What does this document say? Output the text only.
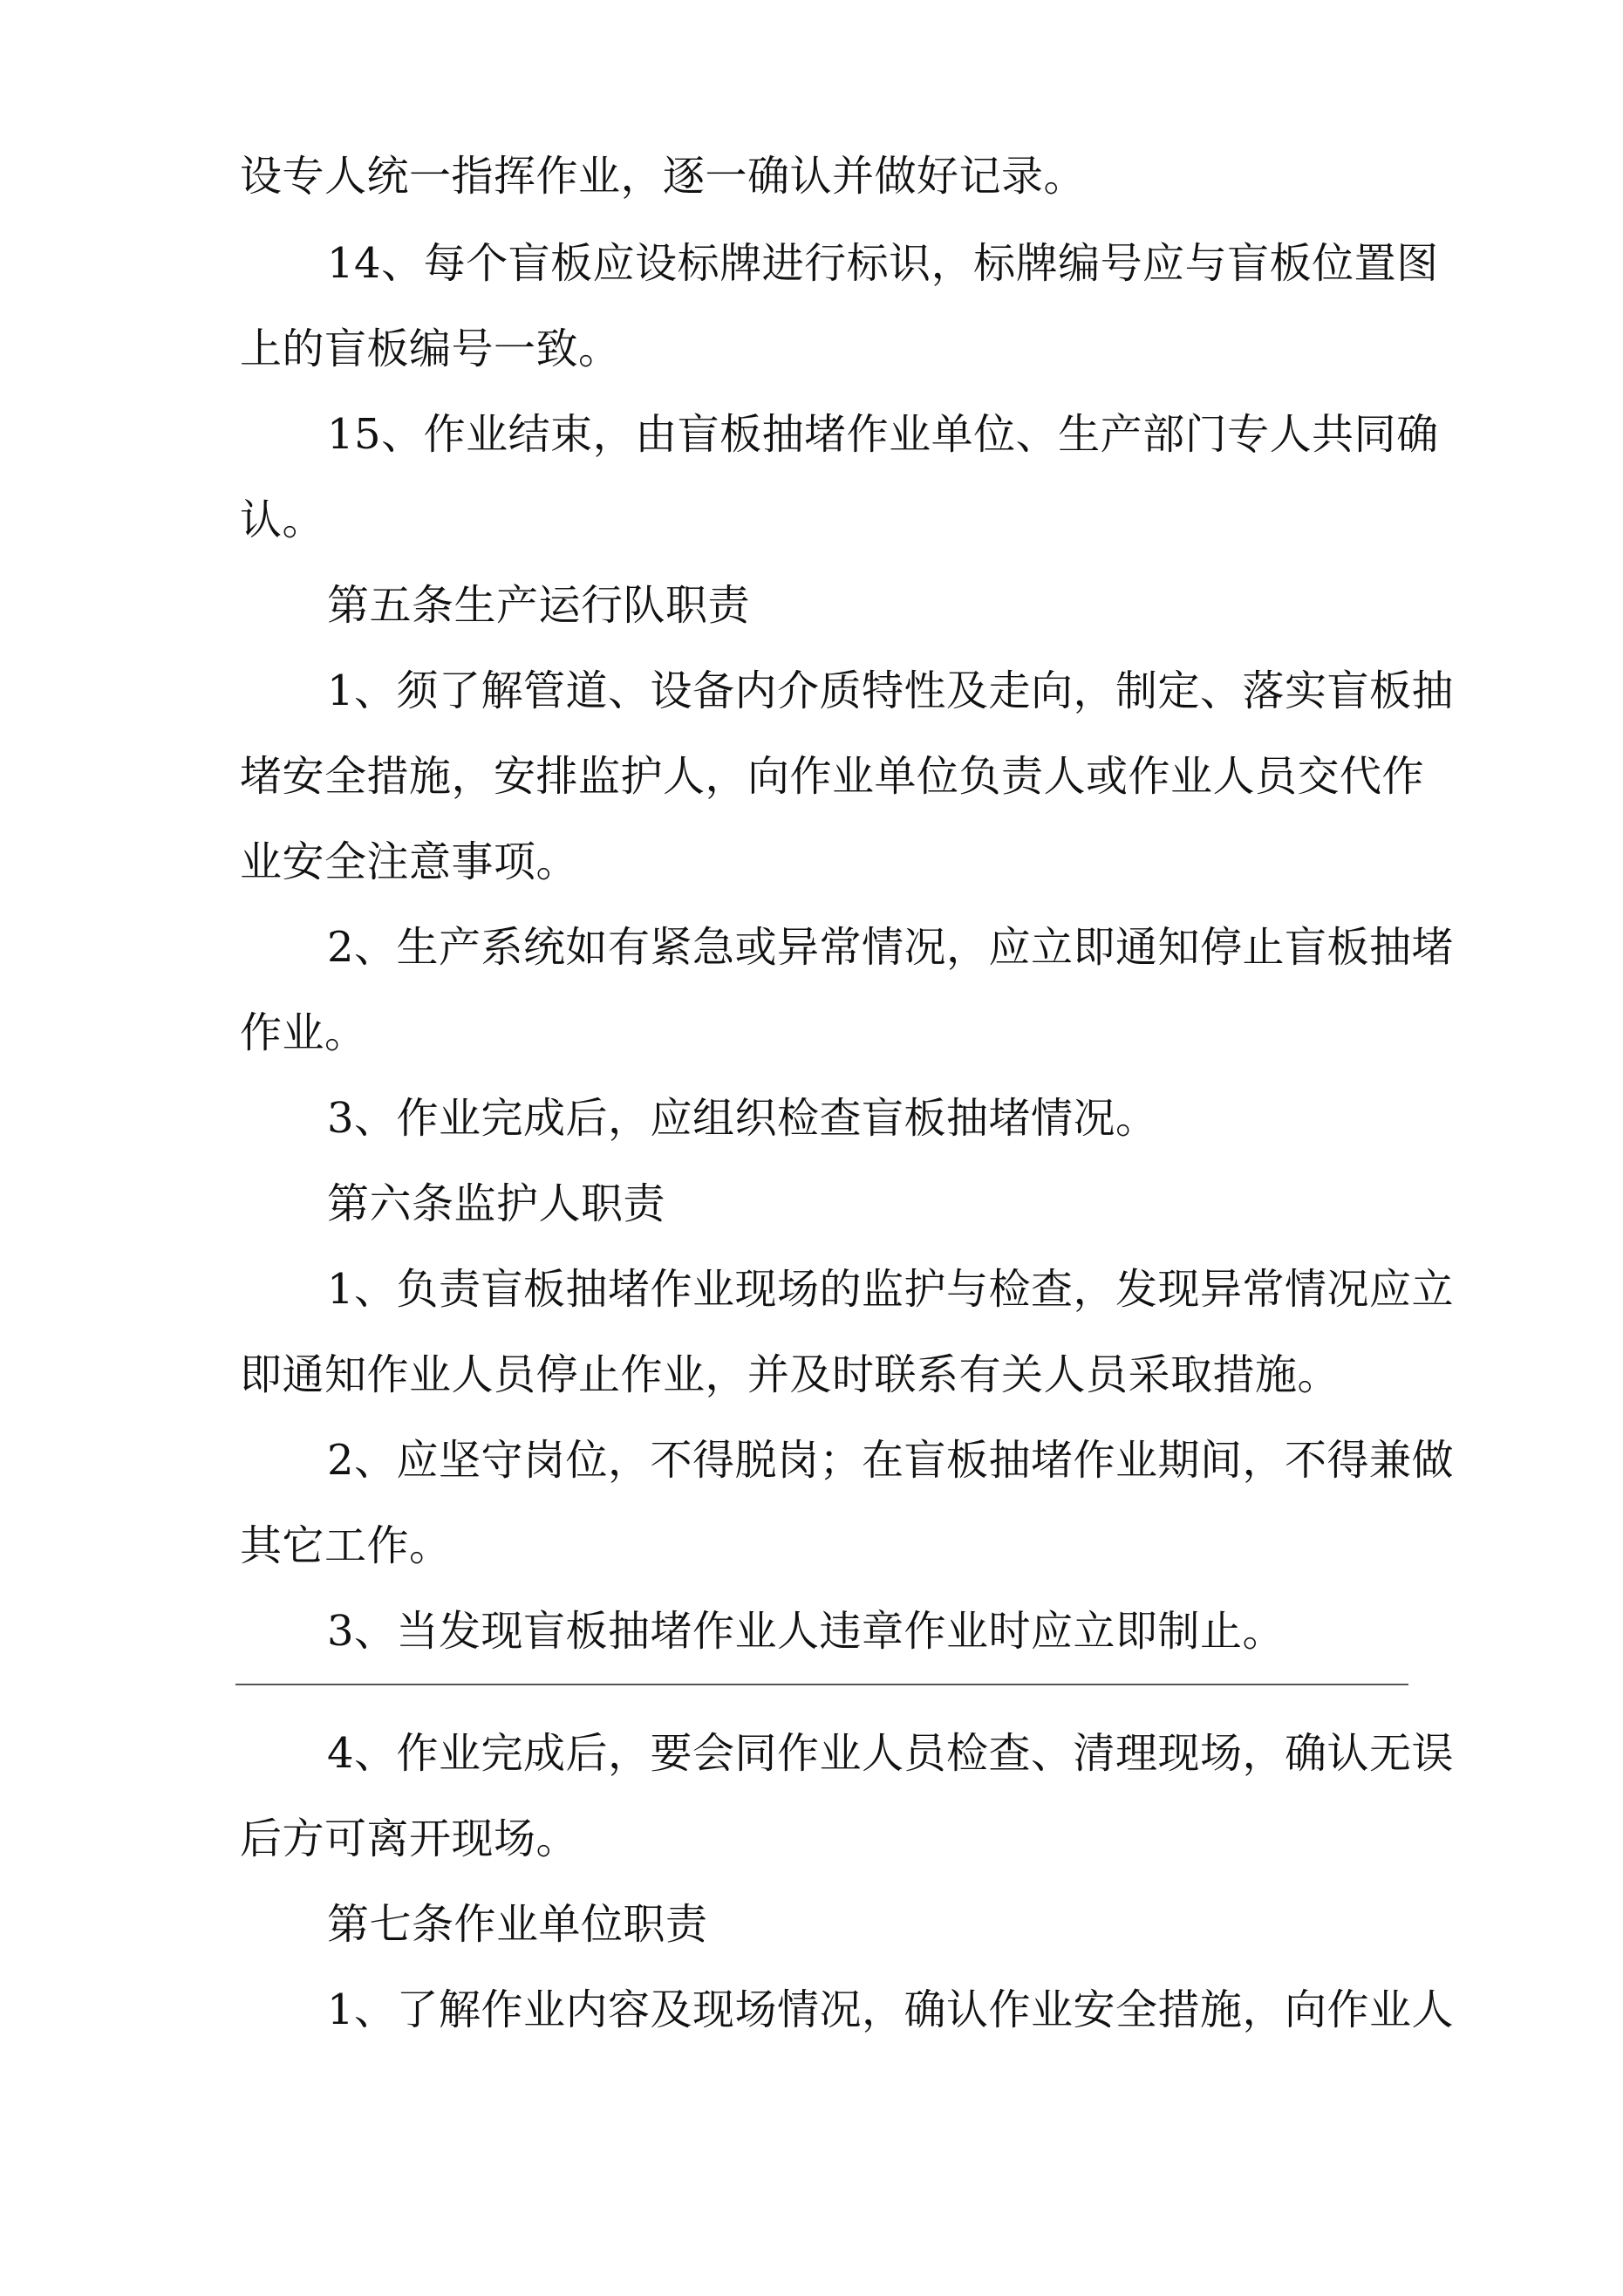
设专人统一指挥作业，逐一确认并做好记录。
14、每个盲板应设标牌进行标识，标牌编号应与盲板位置图
上的盲板编号一致。
15、作业结束，由盲板抽堵作业单位、生产部门专人共同确
认。
第五条生产运行队职责
1、须了解管道、设备内介质特性及走向，制定、落实盲板抽
堵安全措施，安排监护人，向作业单位负责人或作业人员交代作
业安全注意事项。
2、生产系统如有紧急或异常情况，应立即通知停止盲板抽堵
作业。
3、作业完成后，应组织检查盲板抽堵情况。
第六条监护人职责
1、负责盲板抽堵作业现场的监护与检查，发现异常情况应立
即通知作业人员停止作业，并及时联系有关人员采取措施。
2、应坚守岗位，不得脱岗；在盲板抽堵作业期间，不得兼做
其它工作。
3、当发现盲板抽堵作业人违章作业时应立即制止。
4、作业完成后，要会同作业人员检查、清理现场，确认无误
后方可离开现场。
第七条作业单位职责
1、了解作业内容及现场情况，确认作业安全措施，向作业人
